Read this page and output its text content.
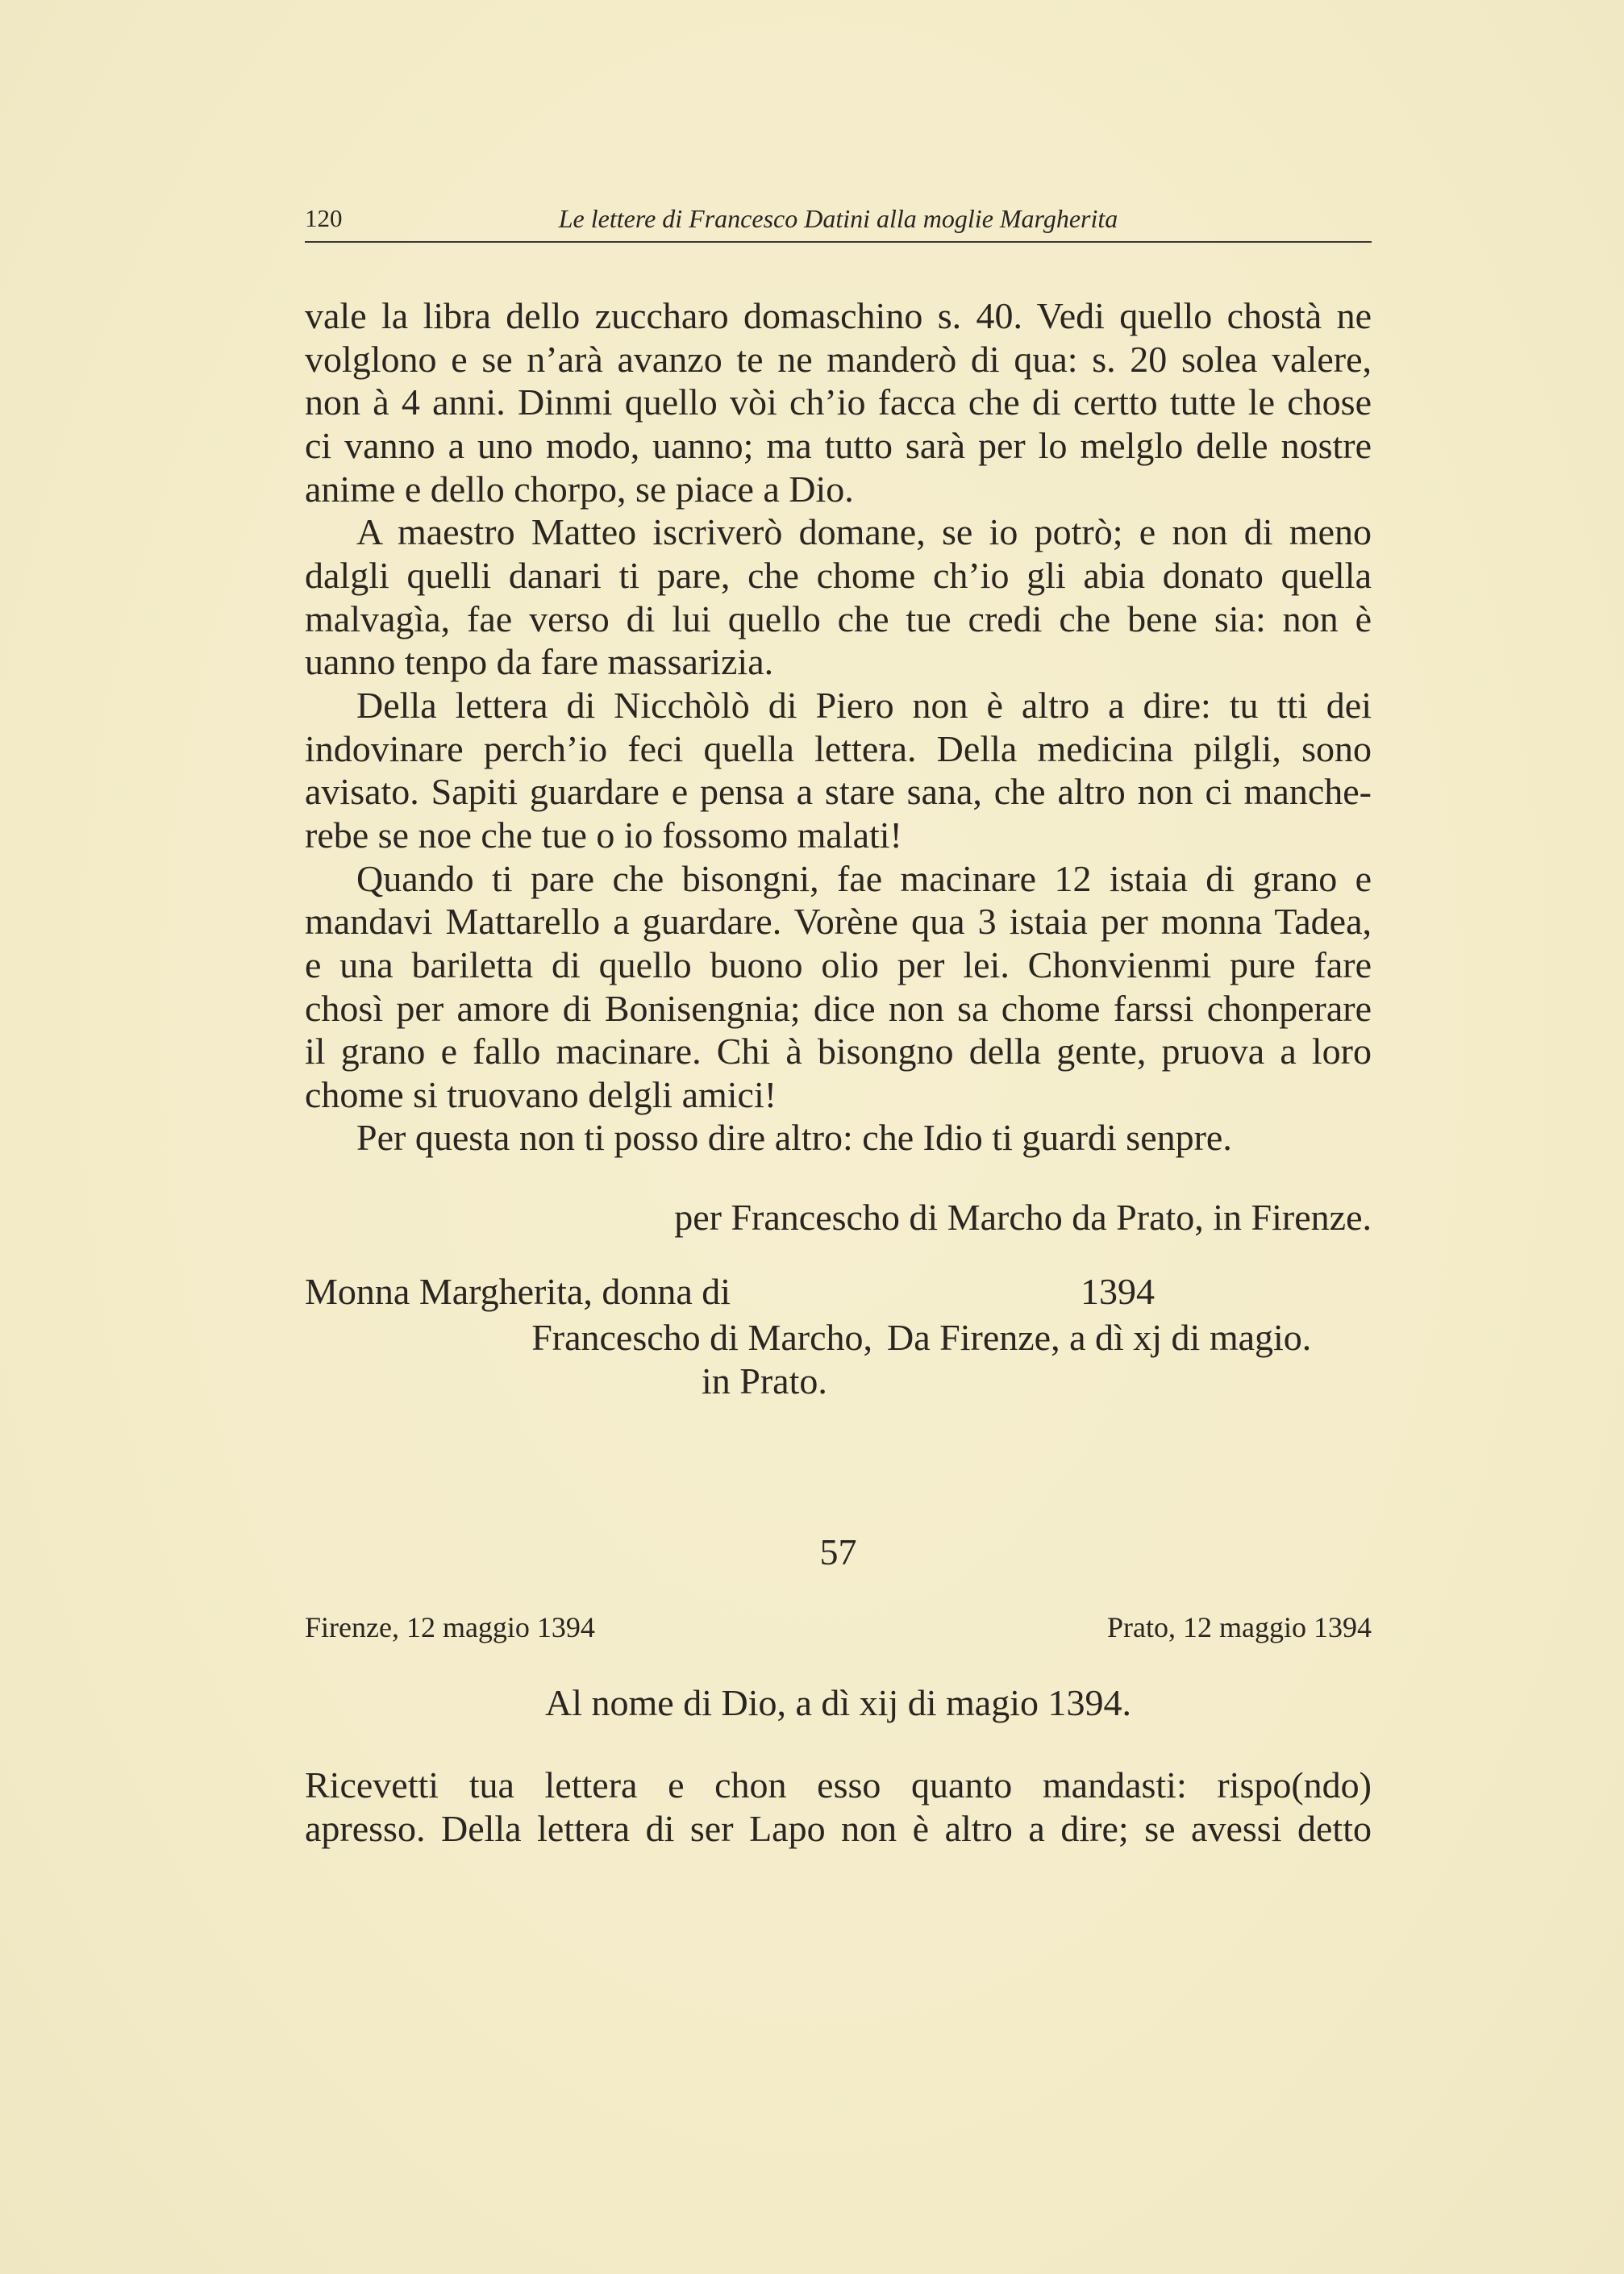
120	Le lettere di Francesco Datini alla moglie Margherita
vale la libra dello zuccharo domaschino s. 40. Vedi quello chostà ne
volglono e se n’arà avanzo te ne manderò di qua: s. 20 solea valere,
non à 4 anni. Dinmi quello vòi ch’io facca che di certto tutte le chose
ci vanno a uno modo, uanno; ma tutto sarà per lo melglo delle nostre
anime e dello chorpo, se piace a Dio.
A maestro Matteo iscriverò domane, se io potrò; e non di meno
dalgli quelli danari ti pare, che chome ch’io gli abia donato quella
malvagìa, fae verso di lui quello che tue credi che bene sia: non è
uanno tenpo da fare massarizia.
Della lettera di Nicchòlò di Piero non è altro a dire: tu tti dei
indovinare perch’io feci quella lettera. Della medicina pilgli, sono
avisato. Sapiti guardare e pensa a stare sana, che altro non ci manche-
rebe se noe che tue o io fossomo malati!
Quando ti pare che bisongni, fae macinare 12 istaia di grano e
mandavi Mattarello a guardare. Vorène qua 3 istaia per monna Tadea,
e una bariletta di quello buono olio per lei. Chonvienmi pure fare
chosì per amore di Bonisengnia; dice non sa chome farssi chonperare
il grano e fallo macinare. Chi à bisongno della gente, pruova a loro
chome si truovano delgli amici!
Per questa non ti posso dire altro: che Idio ti guardi senpre.
per Francescho di Marcho da Prato, in Firenze.
Monna Margherita, donna di	1394
Francescho di Marcho, Da Firenze, a dì xj di magio.
in Prato.
57
Firenze, 12 maggio 1394	Prato, 12 maggio 1394
Al nome di Dio, a dì xij di magio 1394.
Ricevetti tua lettera e chon esso quanto mandasti: rispo(ndo)
apresso. Della lettera di ser Lapo non è altro a dire; se avessi detto
